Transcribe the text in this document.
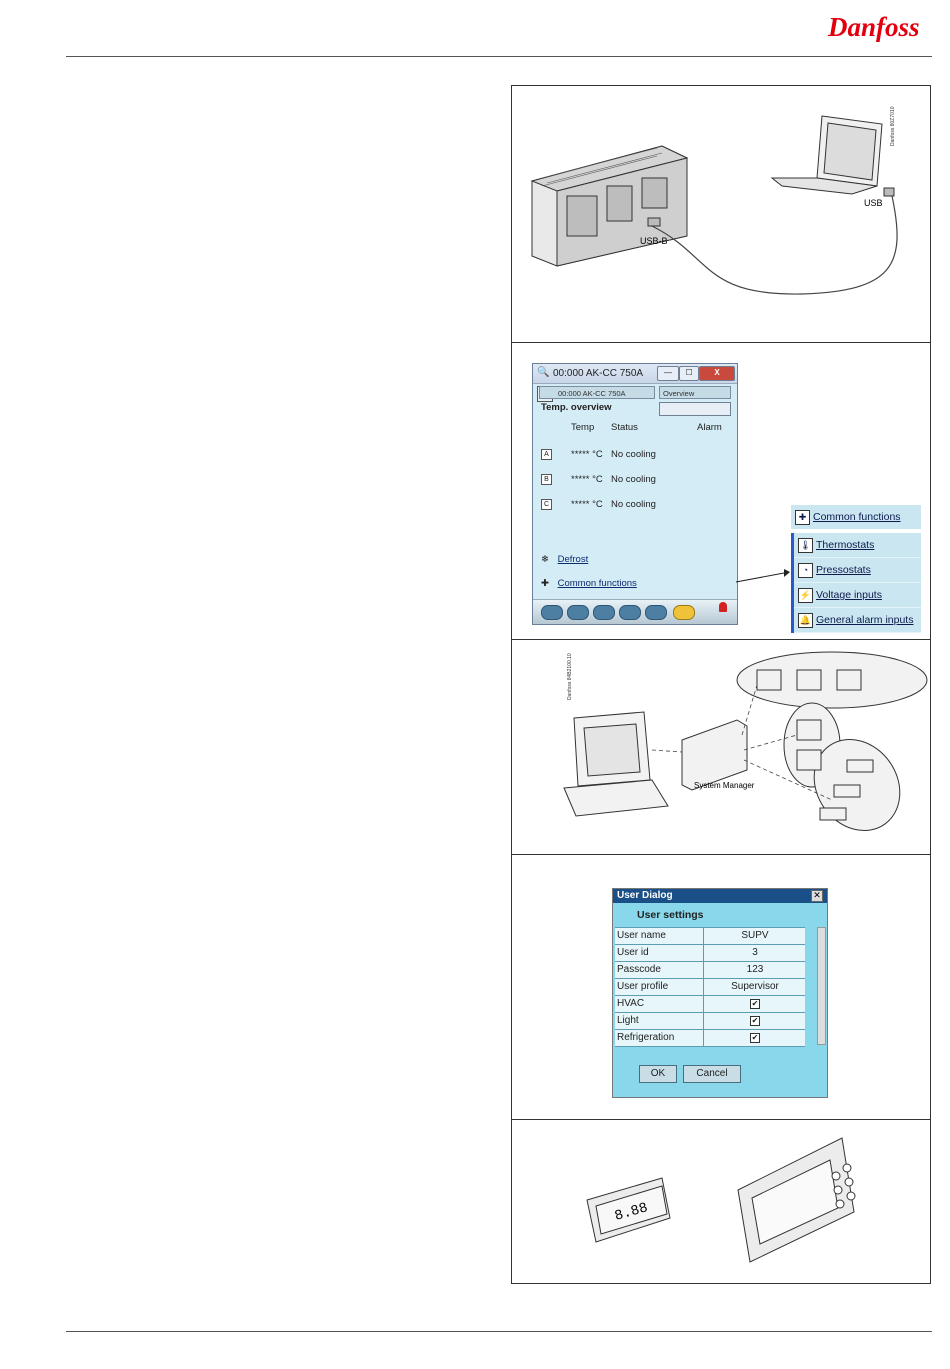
Danfoss
USB
USB-B
Danfoss 80Z7010
🔍 00:000 AK-CC 750A	—	☐	X
00:000 AK-CC 750A	Overview
Temp. overview
Temp Status	Alarm
A	***** °C No cooling
B	***** °C No cooling
C	***** °C No cooling
❄ Defrost
✚ Common functions
✚ Common functions
🌡 Thermostats
◔ Pressostats
⚡ Voltage inputs
🔔 General alarm inputs
Danfoss 84B2100.10
System Manager
User Dialog	✕
User settings
User name	SUPV
User id	3
Passcode	123
User profile	Supervisor
HVAC	✔
Light	✔
Refrigeration	✔
OK	Cancel
8.88
